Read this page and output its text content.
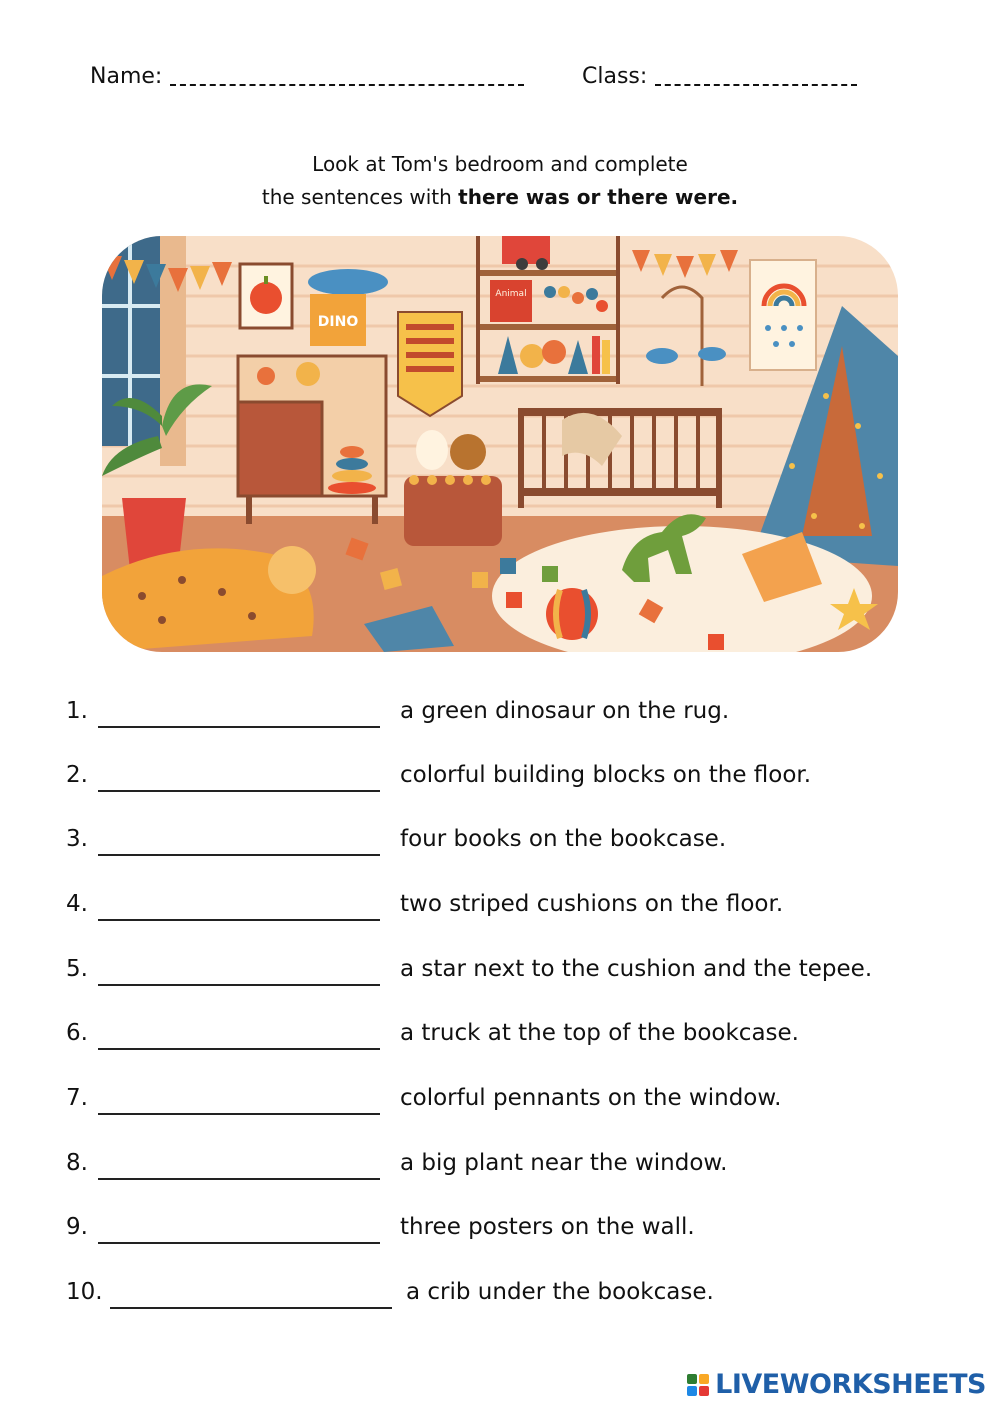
Name:	Class:
Look at Tom's bedroom and complete
the sentences with there was or there were.
DINO
Animal
1.	a green dinosaur on the rug.
2.	colorful building blocks on the floor.
3.	four books on the bookcase.
4.	two striped cushions on the floor.
5.	a star next to the cushion and the tepee.
6.	a truck at the top of the bookcase.
7.	colorful pennants on the window.
8.	a big plant near the window.
9.	three posters on the wall.
10.	a crib under the bookcase.
LIVEWORKSHEETS
